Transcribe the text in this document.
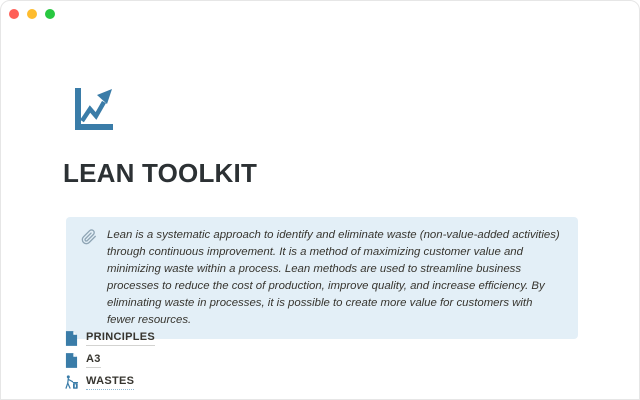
LEAN TOOLKIT

Lean is a systematic approach to identify and eliminate waste (non-value-added activities) through continuous improvement. It is a method of maximizing customer value and minimizing waste within a process. Lean methods are used to streamline business processes to reduce the cost of production, improve quality, and increase efficiency. By eliminating waste in processes, it is possible to create more value for customers with fewer resources.

PRINCIPLES
A3
WASTES
